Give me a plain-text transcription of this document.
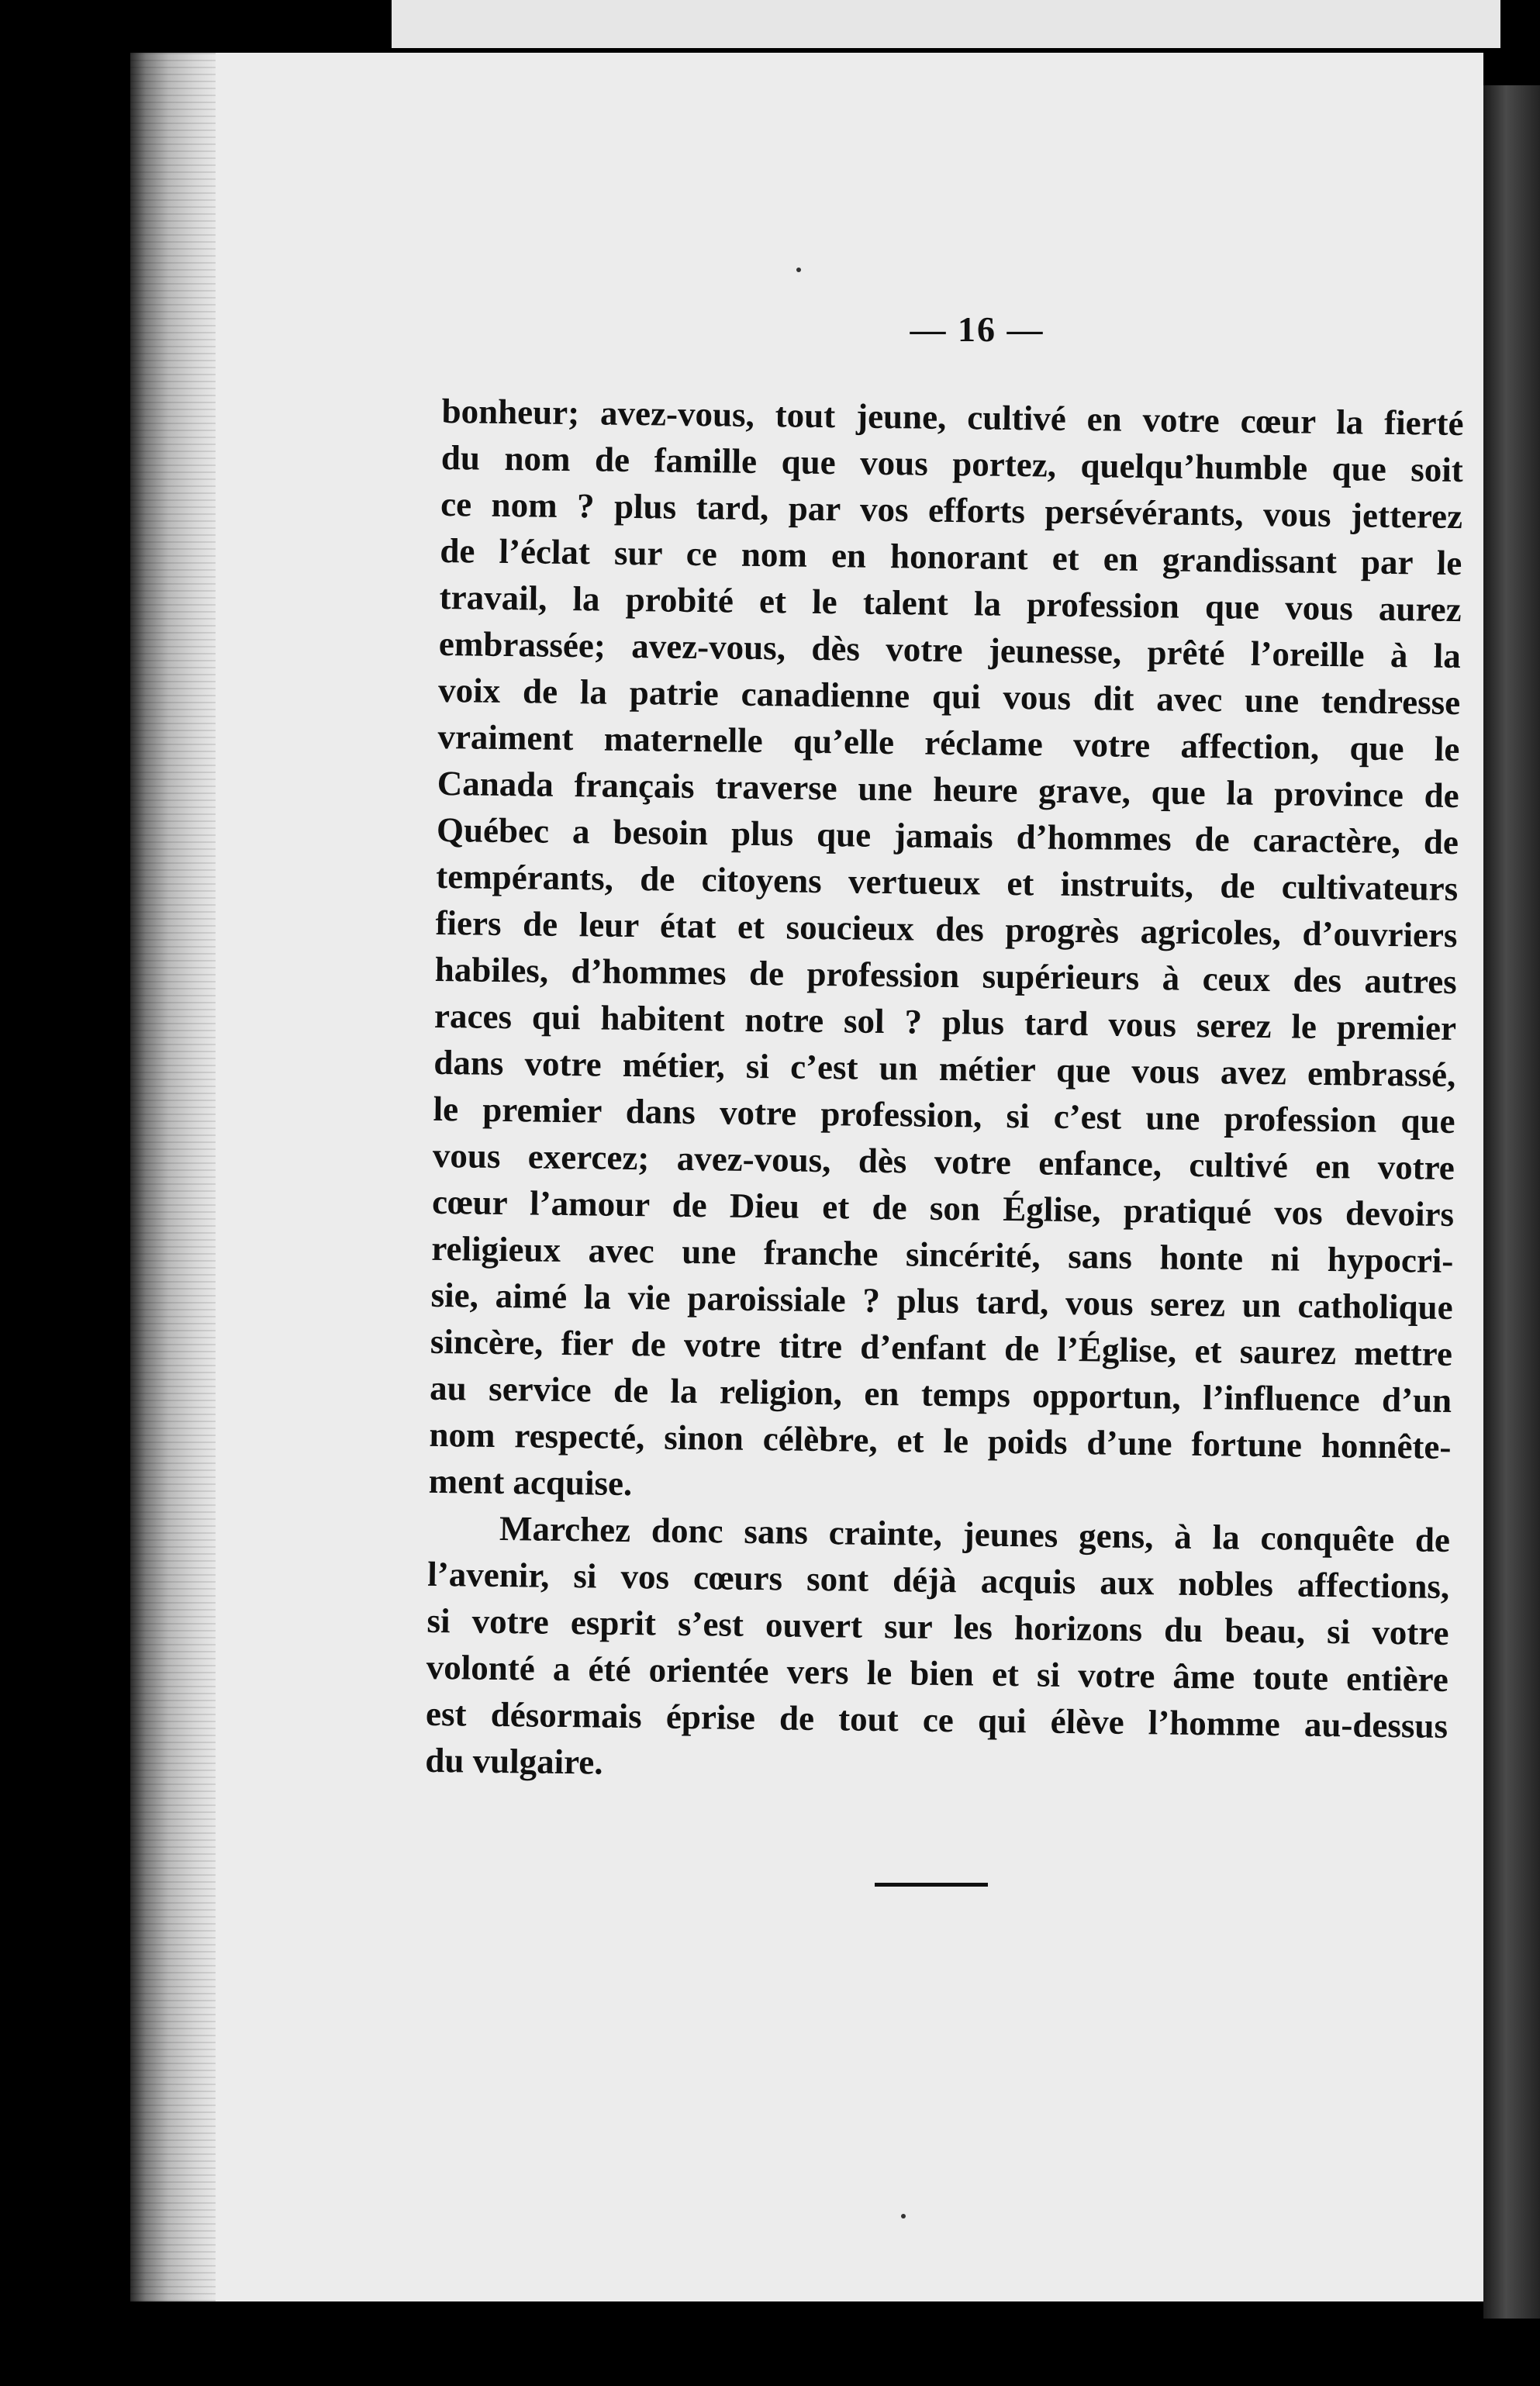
— 16 —
bonheur; avez-vous, tout jeune, cultivé en votre cœur la fierté
du nom de famille que vous portez, quelqu’humble que soit
ce nom ? plus tard, par vos efforts persévérants, vous jetterez
de l’éclat sur ce nom en honorant et en grandissant par le
travail, la probité et le talent la profession que vous aurez
embrassée; avez-vous, dès votre jeunesse, prêté l’oreille à la
voix de la patrie canadienne qui vous dit avec une tendresse
vraiment maternelle qu’elle réclame votre affection, que le
Canada français traverse une heure grave, que la province de
Québec a besoin plus que jamais d’hommes de caractère, de
tempérants, de citoyens vertueux et instruits, de cultivateurs
fiers de leur état et soucieux des progrès agricoles, d’ouvriers
habiles, d’hommes de profession supérieurs à ceux des autres
races qui habitent notre sol ? plus tard vous serez le premier
dans votre métier, si c’est un métier que vous avez embrassé,
le premier dans votre profession, si c’est une profession que
vous exercez; avez-vous, dès votre enfance, cultivé en votre
cœur l’amour de Dieu et de son Église, pratiqué vos devoirs
religieux avec une franche sincérité, sans honte ni hypocri-
sie, aimé la vie paroissiale ? plus tard, vous serez un catholique
sincère, fier de votre titre d’enfant de l’Église, et saurez mettre
au service de la religion, en temps opportun, l’influence d’un
nom respecté, sinon célèbre, et le poids d’une fortune honnête-
ment acquise.
Marchez donc sans crainte, jeunes gens, à la conquête de
l’avenir, si vos cœurs sont déjà acquis aux nobles affections,
si votre esprit s’est ouvert sur les horizons du beau, si votre
volonté a été orientée vers le bien et si votre âme toute entière
est désormais éprise de tout ce qui élève l’homme au-dessus
du vulgaire.
